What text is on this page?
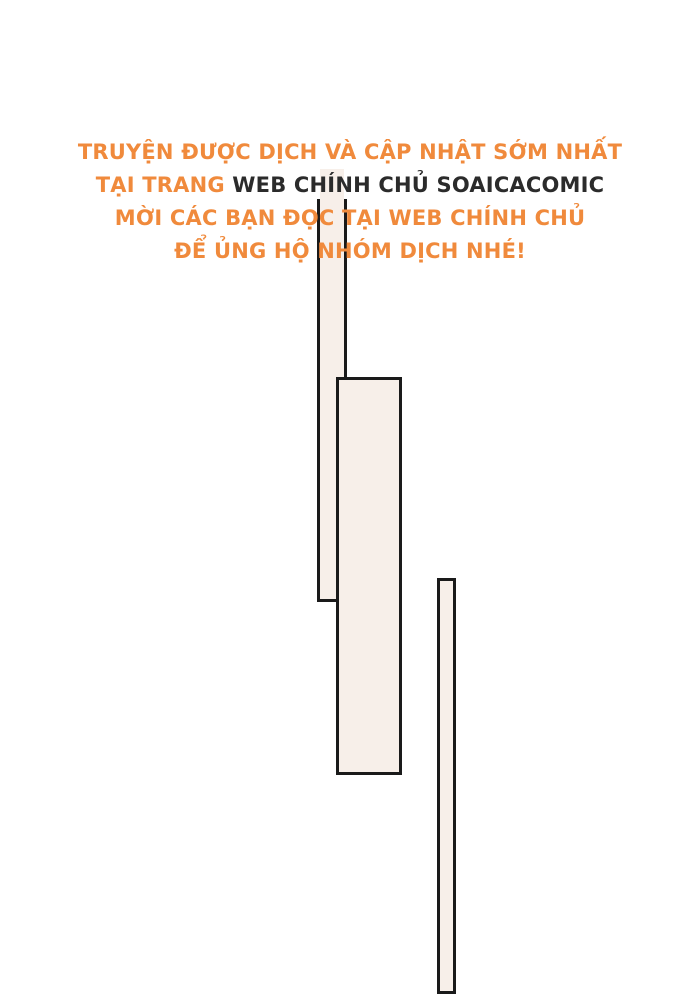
TRUYỆN ĐƯỢC DỊCH VÀ CẬP NHẬT SỚM NHẤT
TẠI TRANG WEB CHÍNH CHỦ SOAICACOMIC
MỜI CÁC BẠN ĐỌC TẠI WEB CHÍNH CHỦ
ĐỂ ỦNG HỘ NHÓM DỊCH NHÉ!
